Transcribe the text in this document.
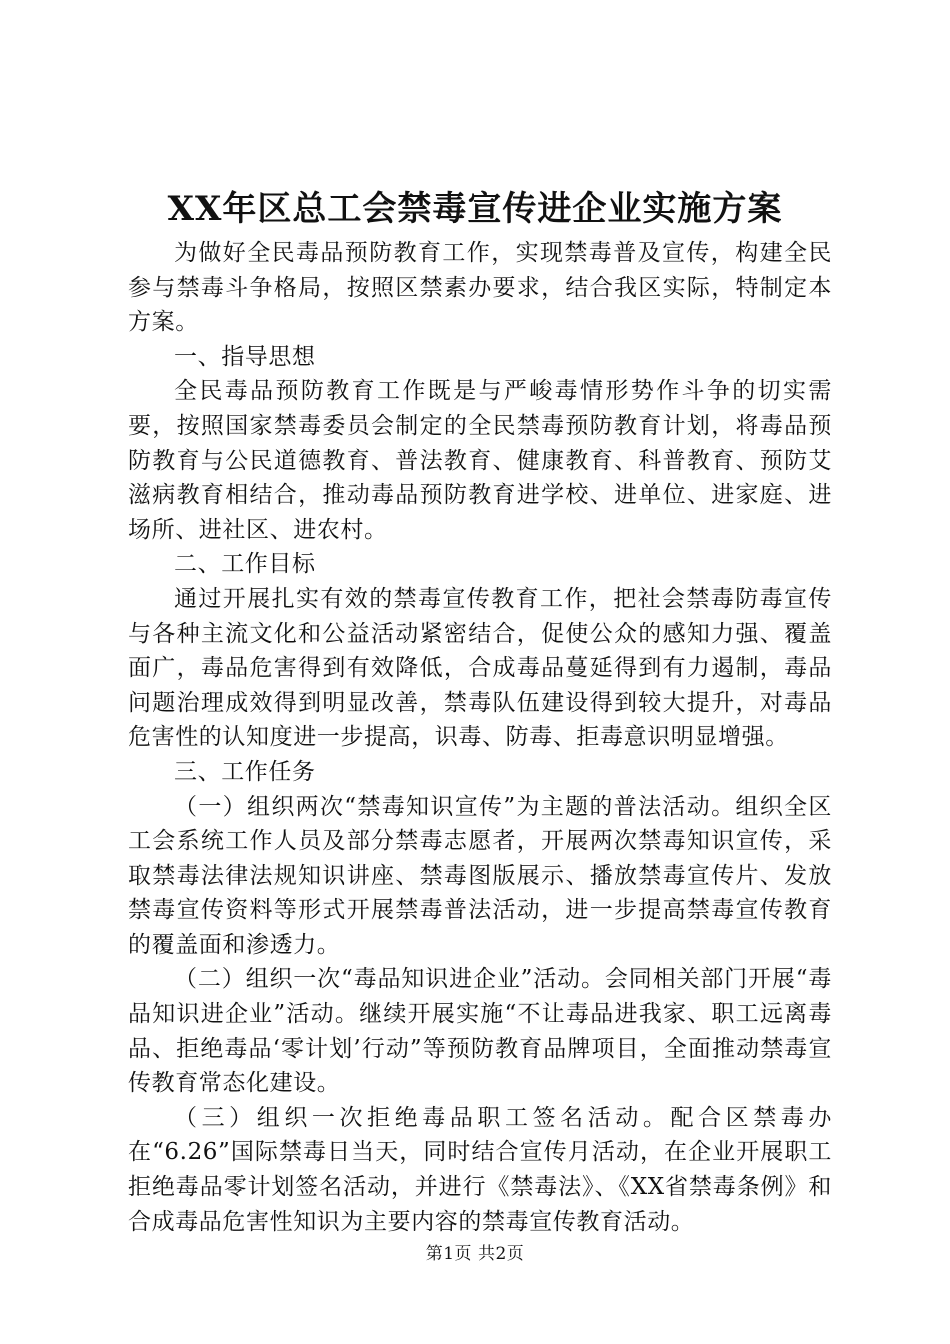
XX年区总工会禁毒宣传进企业实施方案

为做好全民毒品预防教育工作，实现禁毒普及宣传，构建全民参与禁毒斗争格局，按照区禁素办要求，结合我区实际，特制定本方案。

一、指导思想

全民毒品预防教育工作既是与严峻毒情形势作斗争的切实需要，按照国家禁毒委员会制定的全民禁毒预防教育计划，将毒品预防教育与公民道德教育、普法教育、健康教育、科普教育、预防艾滋病教育相结合，推动毒品预防教育进学校、进单位、进家庭、进场所、进社区、进农村。

二、工作目标

通过开展扎实有效的禁毒宣传教育工作，把社会禁毒防毒宣传与各种主流文化和公益活动紧密结合，促使公众的感知力强、覆盖面广，毒品危害得到有效降低，合成毒品蔓延得到有力遏制，毒品问题治理成效得到明显改善，禁毒队伍建设得到较大提升，对毒品危害性的认知度进一步提高，识毒、防毒、拒毒意识明显增强。

三、工作任务

（一）组织两次“禁毒知识宣传”为主题的普法活动。组织全区工会系统工作人员及部分禁毒志愿者，开展两次禁毒知识宣传，采取禁毒法律法规知识讲座、禁毒图版展示、播放禁毒宣传片、发放禁毒宣传资料等形式开展禁毒普法活动，进一步提高禁毒宣传教育的覆盖面和渗透力。

（二）组织一次“毒品知识进企业”活动。会同相关部门开展“毒品知识进企业”活动。继续开展实施“不让毒品进我家、职工远离毒品、拒绝毒品‘零计划’行动”等预防教育品牌项目，全面推动禁毒宣传教育常态化建设。

（三）组织一次拒绝毒品职工签名活动。配合区禁毒办在“6.26”国际禁毒日当天，同时结合宣传月活动，在企业开展职工拒绝毒品零计划签名活动，并进行《禁毒法》、《XX省禁毒条例》和合成毒品危害性知识为主要内容的禁毒宣传教育活动。

第1页 共2页
